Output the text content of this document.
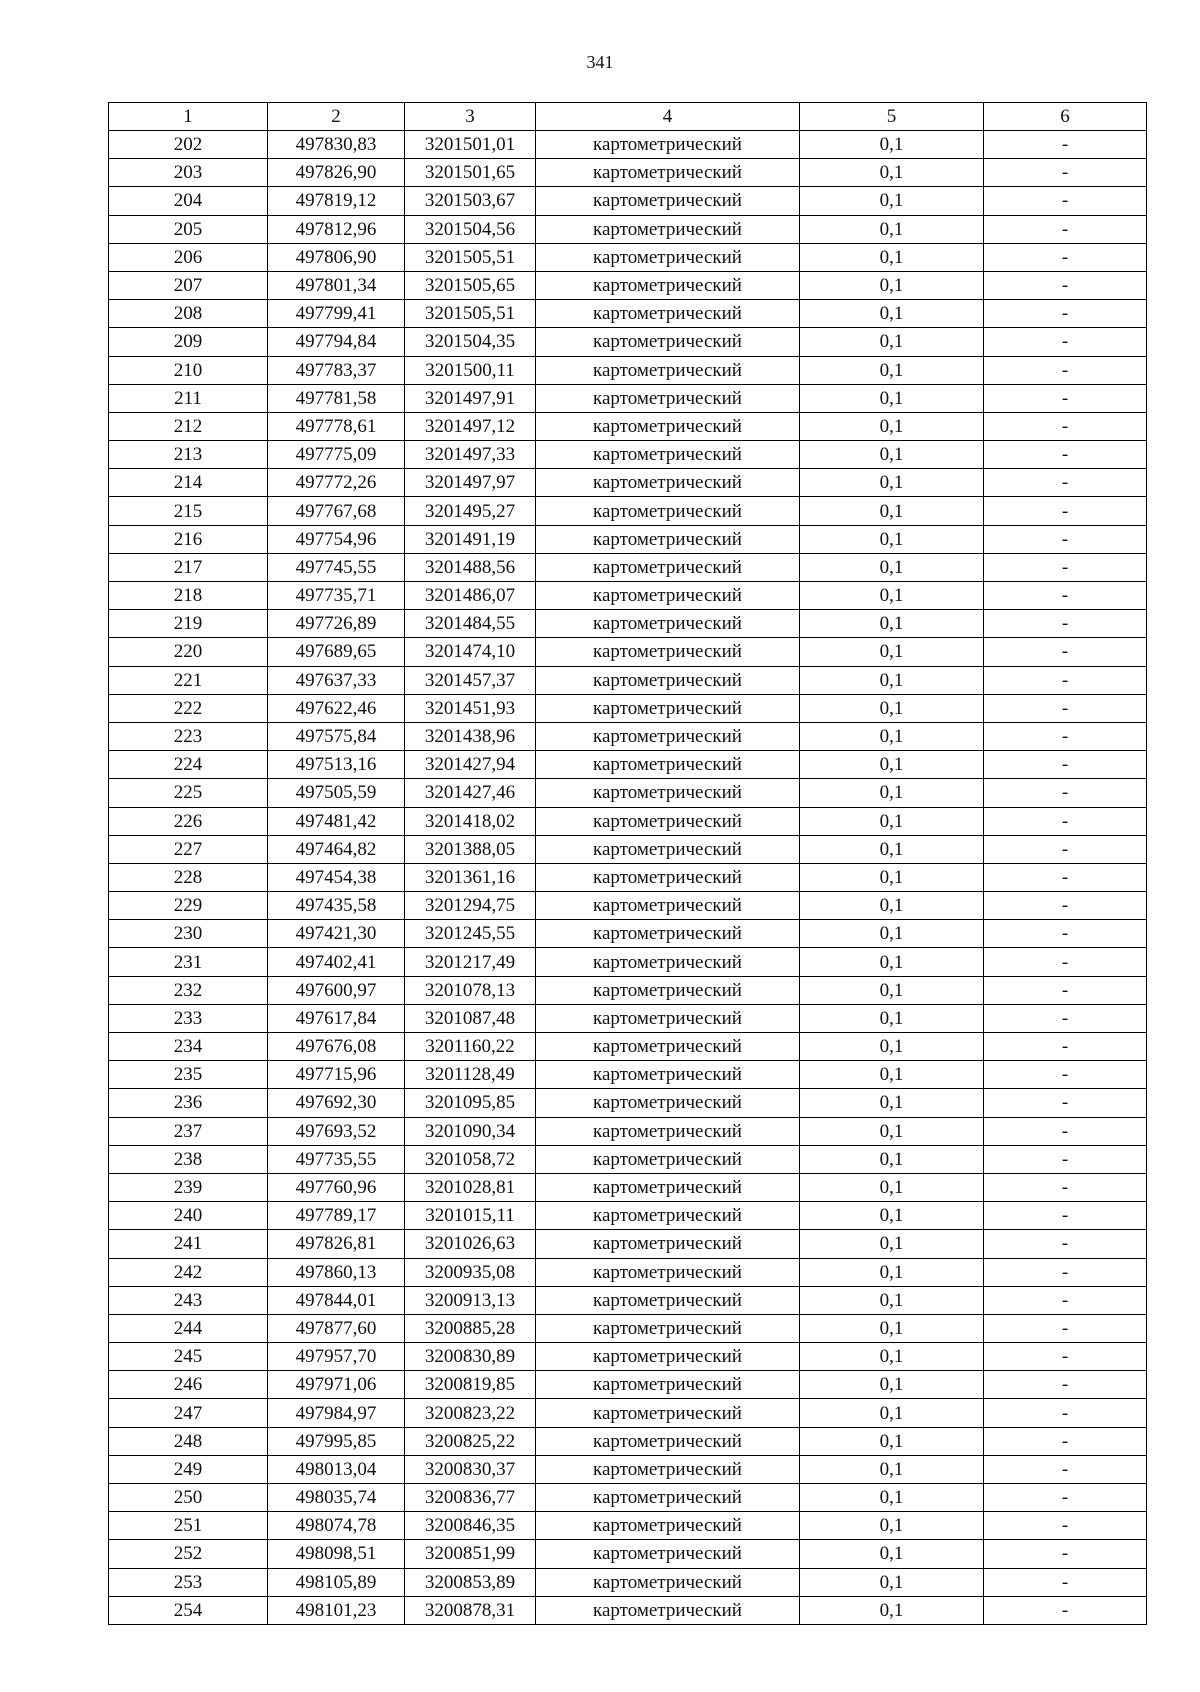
341
1	2	3	4	5	6
202	497830,83	3201501,01	картометрический	0,1	-
203	497826,90	3201501,65	картометрический	0,1	-
204	497819,12	3201503,67	картометрический	0,1	-
205	497812,96	3201504,56	картометрический	0,1	-
206	497806,90	3201505,51	картометрический	0,1	-
207	497801,34	3201505,65	картометрический	0,1	-
208	497799,41	3201505,51	картометрический	0,1	-
209	497794,84	3201504,35	картометрический	0,1	-
210	497783,37	3201500,11	картометрический	0,1	-
211	497781,58	3201497,91	картометрический	0,1	-
212	497778,61	3201497,12	картометрический	0,1	-
213	497775,09	3201497,33	картометрический	0,1	-
214	497772,26	3201497,97	картометрический	0,1	-
215	497767,68	3201495,27	картометрический	0,1	-
216	497754,96	3201491,19	картометрический	0,1	-
217	497745,55	3201488,56	картометрический	0,1	-
218	497735,71	3201486,07	картометрический	0,1	-
219	497726,89	3201484,55	картометрический	0,1	-
220	497689,65	3201474,10	картометрический	0,1	-
221	497637,33	3201457,37	картометрический	0,1	-
222	497622,46	3201451,93	картометрический	0,1	-
223	497575,84	3201438,96	картометрический	0,1	-
224	497513,16	3201427,94	картометрический	0,1	-
225	497505,59	3201427,46	картометрический	0,1	-
226	497481,42	3201418,02	картометрический	0,1	-
227	497464,82	3201388,05	картометрический	0,1	-
228	497454,38	3201361,16	картометрический	0,1	-
229	497435,58	3201294,75	картометрический	0,1	-
230	497421,30	3201245,55	картометрический	0,1	-
231	497402,41	3201217,49	картометрический	0,1	-
232	497600,97	3201078,13	картометрический	0,1	-
233	497617,84	3201087,48	картометрический	0,1	-
234	497676,08	3201160,22	картометрический	0,1	-
235	497715,96	3201128,49	картометрический	0,1	-
236	497692,30	3201095,85	картометрический	0,1	-
237	497693,52	3201090,34	картометрический	0,1	-
238	497735,55	3201058,72	картометрический	0,1	-
239	497760,96	3201028,81	картометрический	0,1	-
240	497789,17	3201015,11	картометрический	0,1	-
241	497826,81	3201026,63	картометрический	0,1	-
242	497860,13	3200935,08	картометрический	0,1	-
243	497844,01	3200913,13	картометрический	0,1	-
244	497877,60	3200885,28	картометрический	0,1	-
245	497957,70	3200830,89	картометрический	0,1	-
246	497971,06	3200819,85	картометрический	0,1	-
247	497984,97	3200823,22	картометрический	0,1	-
248	497995,85	3200825,22	картометрический	0,1	-
249	498013,04	3200830,37	картометрический	0,1	-
250	498035,74	3200836,77	картометрический	0,1	-
251	498074,78	3200846,35	картометрический	0,1	-
252	498098,51	3200851,99	картометрический	0,1	-
253	498105,89	3200853,89	картометрический	0,1	-
254	498101,23	3200878,31	картометрический	0,1	-
